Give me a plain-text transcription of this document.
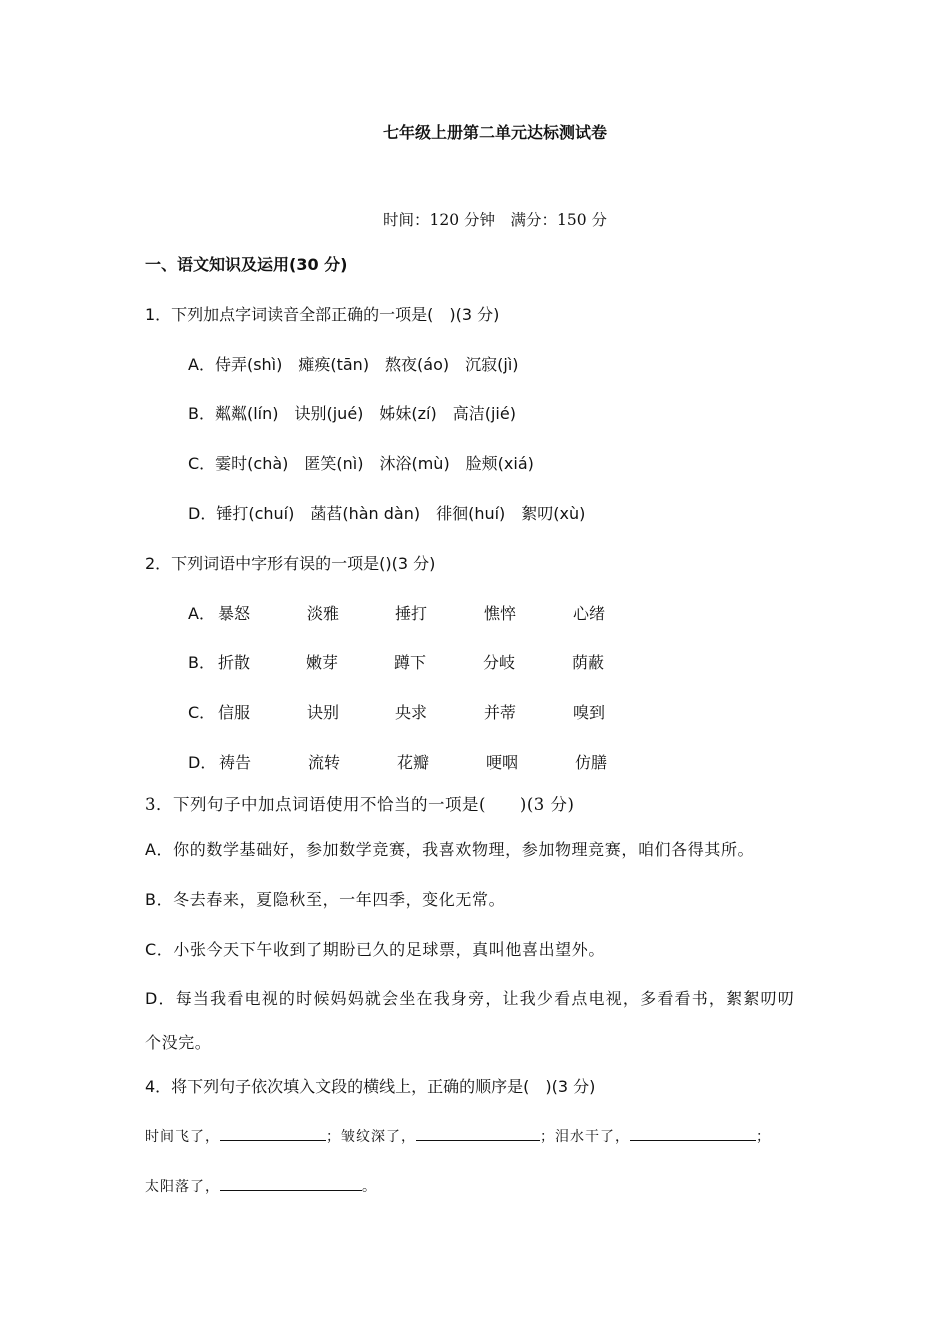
七年级上册第二单元达标测试卷
时间：120 分钟　满分：150 分
一、语文知识及运用(30 分)
1．下列加点字词读音全部正确的一项是(　)(3 分)
A．侍弄(shì)　瘫痪(tān)　熬夜(áo)　沉寂(jì)
B．粼粼(lín)　诀别(jué)　姊妹(zí)　高洁(jié)
C．霎时(chà)　匿笑(nì)　沐浴(mù)　脸颊(xiá)
D．锤打(chuí)　菡萏(hàn dàn)　徘徊(huí)　絮叨(xù)
2．下列词语中字形有误的一项是()(3 分)
A． 暴怒	淡雅	捶打	憔悴	心绪
B． 折散	嫩芽	蹲下	分岐	荫蔽
C． 信服	诀别	央求	并蒂	嗅到
D． 祷告	流转	花瓣	哽咽	仿膳
3．下列句子中加点词语使用不恰当的一项是(　　)(3 分)
A．你的数学基础好，参加数学竞赛，我喜欢物理，参加物理竞赛，咱们各得其所。
B．冬去春来，夏隐秋至，一年四季，变化无常。
C．小张今天下午收到了期盼已久的足球票，真叫他喜出望外。
D．每当我看电视的时候妈妈就会坐在我身旁，让我少看点电视，多看看书，絮絮叨叨
个没完。
4．将下列句子依次填入文段的横线上，正确的顺序是(　)(3 分)
时间飞了，	；皱纹深了，	；泪水干了，	；
太阳落了，	。
